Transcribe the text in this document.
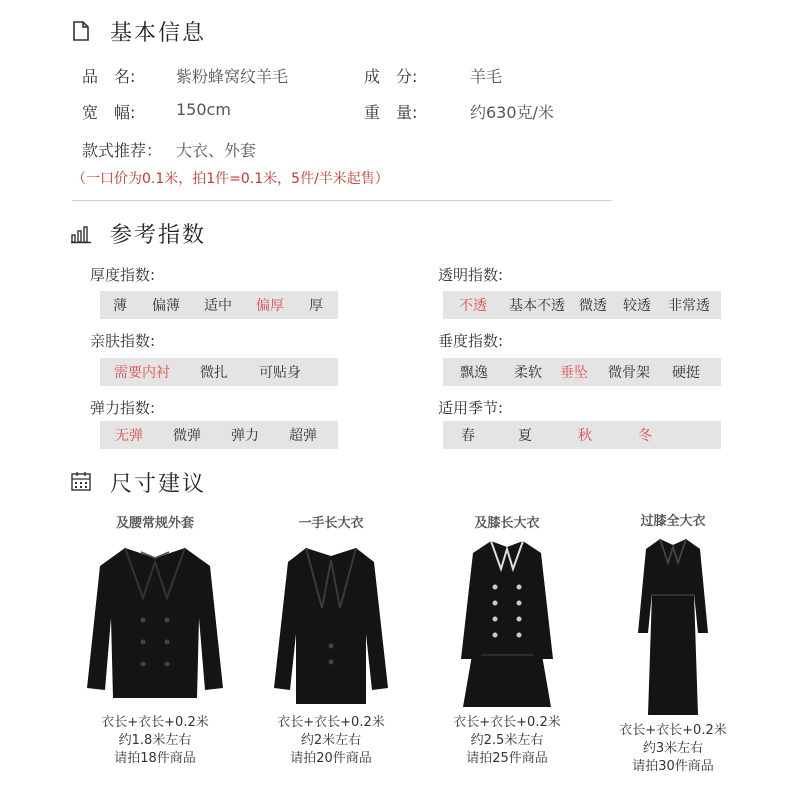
基本信息
品　名:	紫粉蜂窝纹羊毛	成　分:	羊毛
宽　幅:	150cm	重　量:	约630克/米
款式推荐： 大衣、外套
（一口价为0.1米，拍1件=0.1米，5件/半米起售）
参考指数
厚度指数:
薄	偏薄	适中	偏厚	厚
透明指数:
不透	基本不透	微透	较透	非常透
亲肤指数:
需要内衬	微扎	可贴身
垂度指数:
飘逸	柔软	垂坠	微骨架	硬挺
弹力指数:
无弹	微弹	弹力	超弹
适用季节:
春	夏	秋	冬
尺寸建议
及腰常规外套
衣长+衣长+0.2米
约1.8米左右
请拍18件商品
一手长大衣
衣长+衣长+0.2米
约2米左右
请拍20件商品
及膝长大衣
衣长+衣长+0.2米
约2.5米左右
请拍25件商品
过膝全大衣
衣长+衣长+0.2米
约3米左右
请拍30件商品
